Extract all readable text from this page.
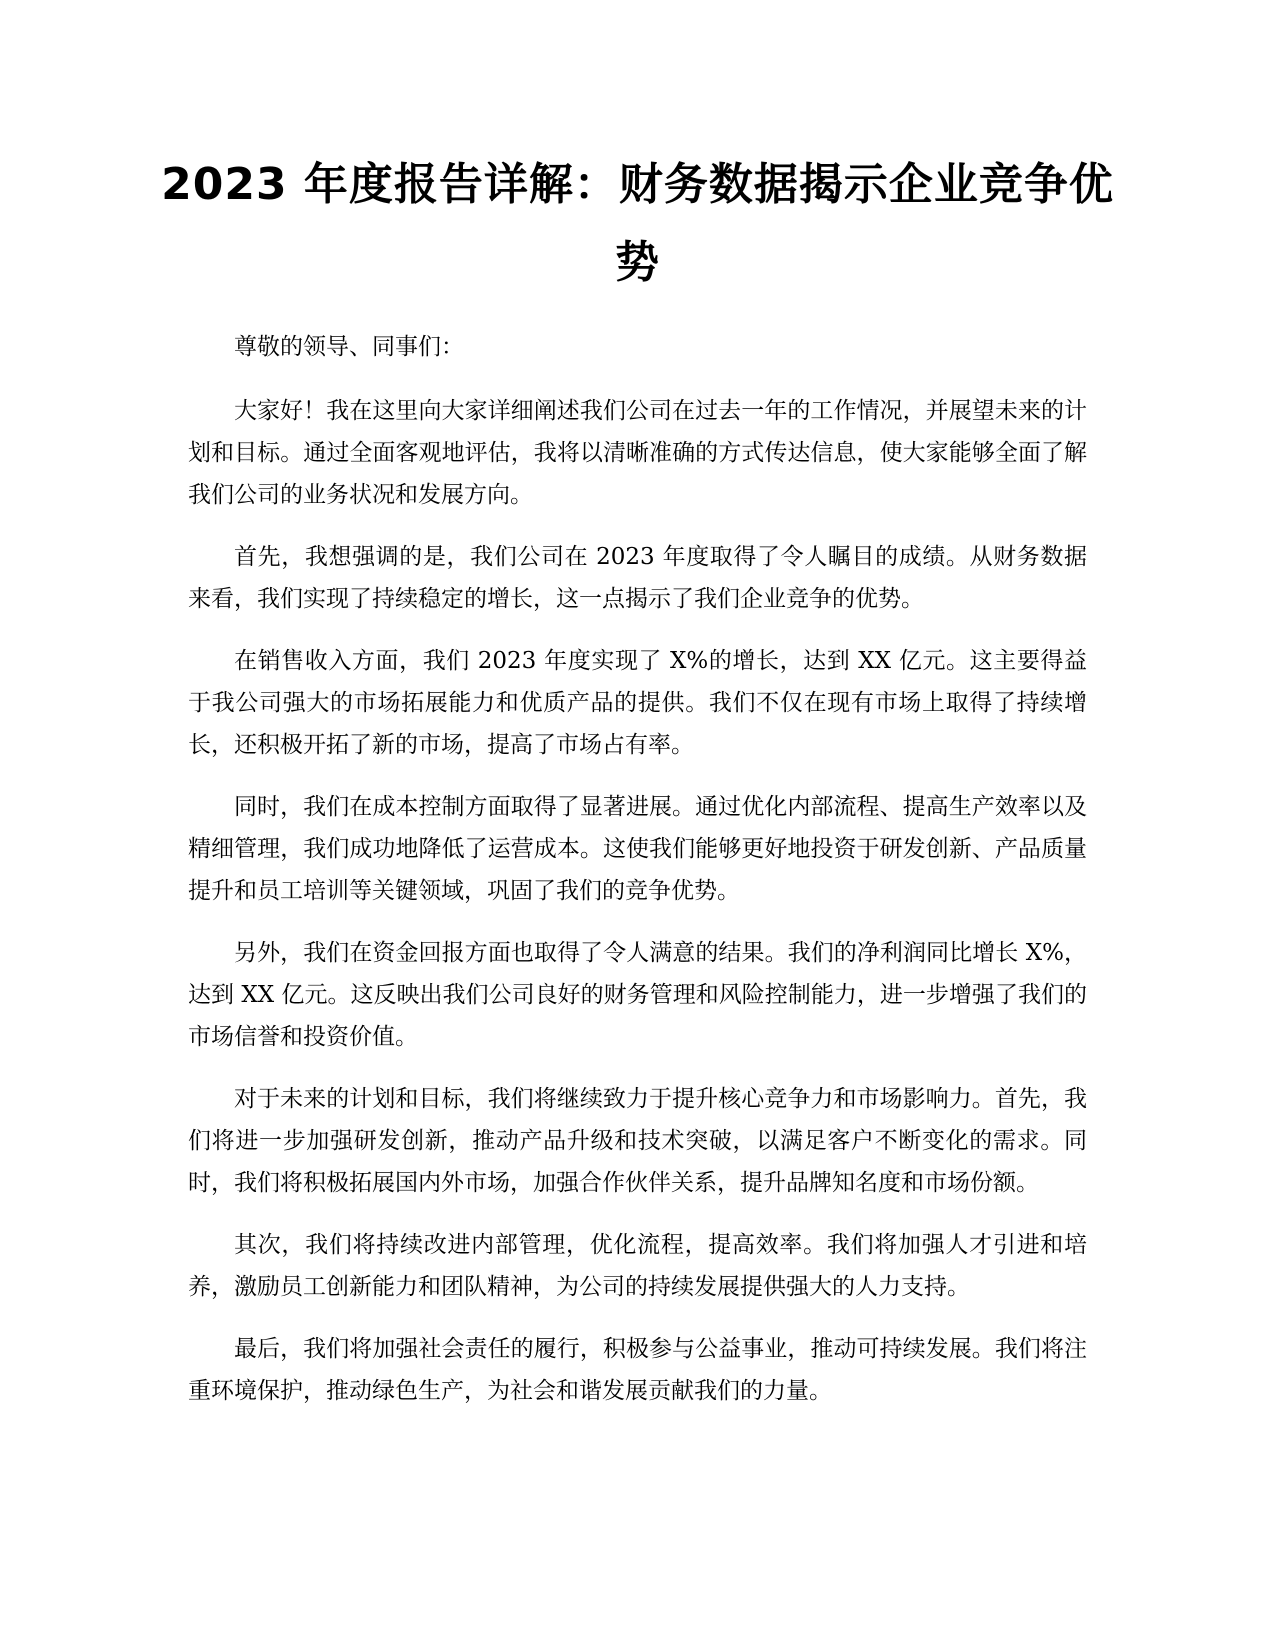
2023 年度报告详解：财务数据揭示企业竞争优势

尊敬的领导、同事们：

大家好！我在这里向大家详细阐述我们公司在过去一年的工作情况，并展望未来的计划和目标。通过全面客观地评估，我将以清晰准确的方式传达信息，使大家能够全面了解我们公司的业务状况和发展方向。

首先，我想强调的是，我们公司在 2023 年度取得了令人瞩目的成绩。从财务数据来看，我们实现了持续稳定的增长，这一点揭示了我们企业竞争的优势。

在销售收入方面，我们 2023 年度实现了 X%的增长，达到 XX 亿元。这主要得益于我公司强大的市场拓展能力和优质产品的提供。我们不仅在现有市场上取得了持续增长，还积极开拓了新的市场，提高了市场占有率。

同时，我们在成本控制方面取得了显著进展。通过优化内部流程、提高生产效率以及精细管理，我们成功地降低了运营成本。这使我们能够更好地投资于研发创新、产品质量提升和员工培训等关键领域，巩固了我们的竞争优势。

另外，我们在资金回报方面也取得了令人满意的结果。我们的净利润同比增长 X%，达到 XX 亿元。这反映出我们公司良好的财务管理和风险控制能力，进一步增强了我们的市场信誉和投资价值。

对于未来的计划和目标，我们将继续致力于提升核心竞争力和市场影响力。首先，我们将进一步加强研发创新，推动产品升级和技术突破，以满足客户不断变化的需求。同时，我们将积极拓展国内外市场，加强合作伙伴关系，提升品牌知名度和市场份额。

其次，我们将持续改进内部管理，优化流程，提高效率。我们将加强人才引进和培养，激励员工创新能力和团队精神，为公司的持续发展提供强大的人力支持。

最后，我们将加强社会责任的履行，积极参与公益事业，推动可持续发展。我们将注重环境保护，推动绿色生产，为社会和谐发展贡献我们的力量。
